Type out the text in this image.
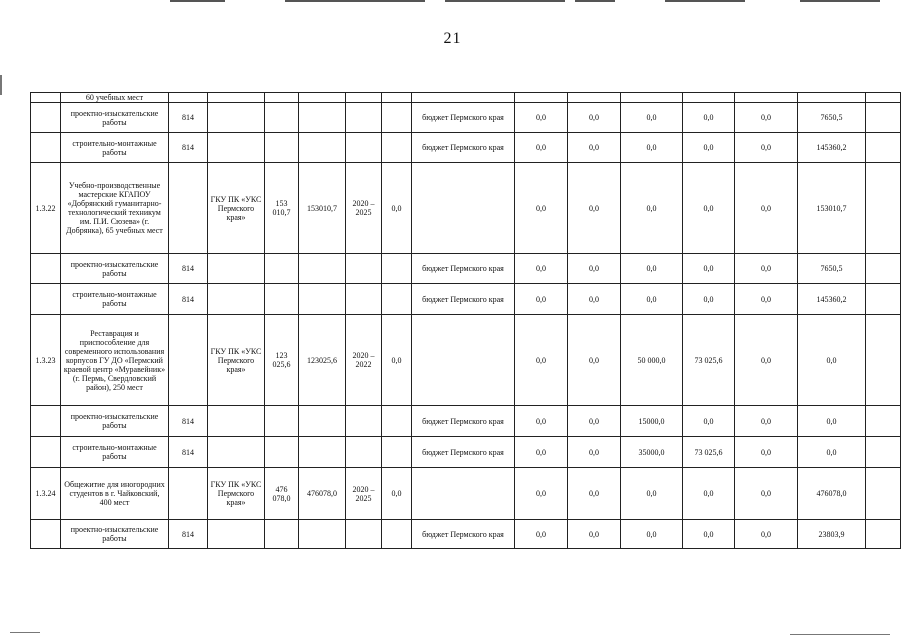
21
	60 учебных мест														
	проектно-изыскательские работы	814						бюджет Пермского края	0,0	0,0	0,0	0,0	0,0	7650,5	
	строительно-монтажные работы	814						бюджет Пермского края	0,0	0,0	0,0	0,0	0,0	145360,2	
1.3.22	Учебно-производственные мастерские КГАПОУ «Добрянский гуманитарно-технологический техникум им. П.И. Сюзева» (г. Добрянка), 65 учебных мест		ГКУ ПК «УКС Пермского края»	153 010,7	153010,7	2020 – 2025	0,0		0,0	0,0	0,0	0,0	0,0	153010,7	
	проектно-изыскательские работы	814						бюджет Пермского края	0,0	0,0	0,0	0,0	0,0	7650,5	
	строительно-монтажные работы	814						бюджет Пермского края	0,0	0,0	0,0	0,0	0,0	145360,2	
1.3.23	Реставрация и приспособление для современного использования корпусов ГУ ДО «Пермский краевой центр «Муравейник» (г. Пермь, Свердловский район), 250 мест		ГКУ ПК «УКС Пермского края»	123 025,6	123025,6	2020 – 2022	0,0		0,0	0,0	50 000,0	73 025,6	0,0	0,0	
	проектно-изыскательские работы	814						бюджет Пермского края	0,0	0,0	15000,0	0,0	0,0	0,0	
	строительно-монтажные работы	814						бюджет Пермского края	0,0	0,0	35000,0	73 025,6	0,0	0,0	
1.3.24	Общежитие для иногородних студентов в г. Чайковский, 400 мест		ГКУ ПК «УКС Пермского края»	476 078,0	476078,0	2020 – 2025	0,0		0,0	0,0	0,0	0,0	0,0	476078,0	
	проектно-изыскательские работы	814						бюджет Пермского края	0,0	0,0	0,0	0,0	0,0	23803,9	
